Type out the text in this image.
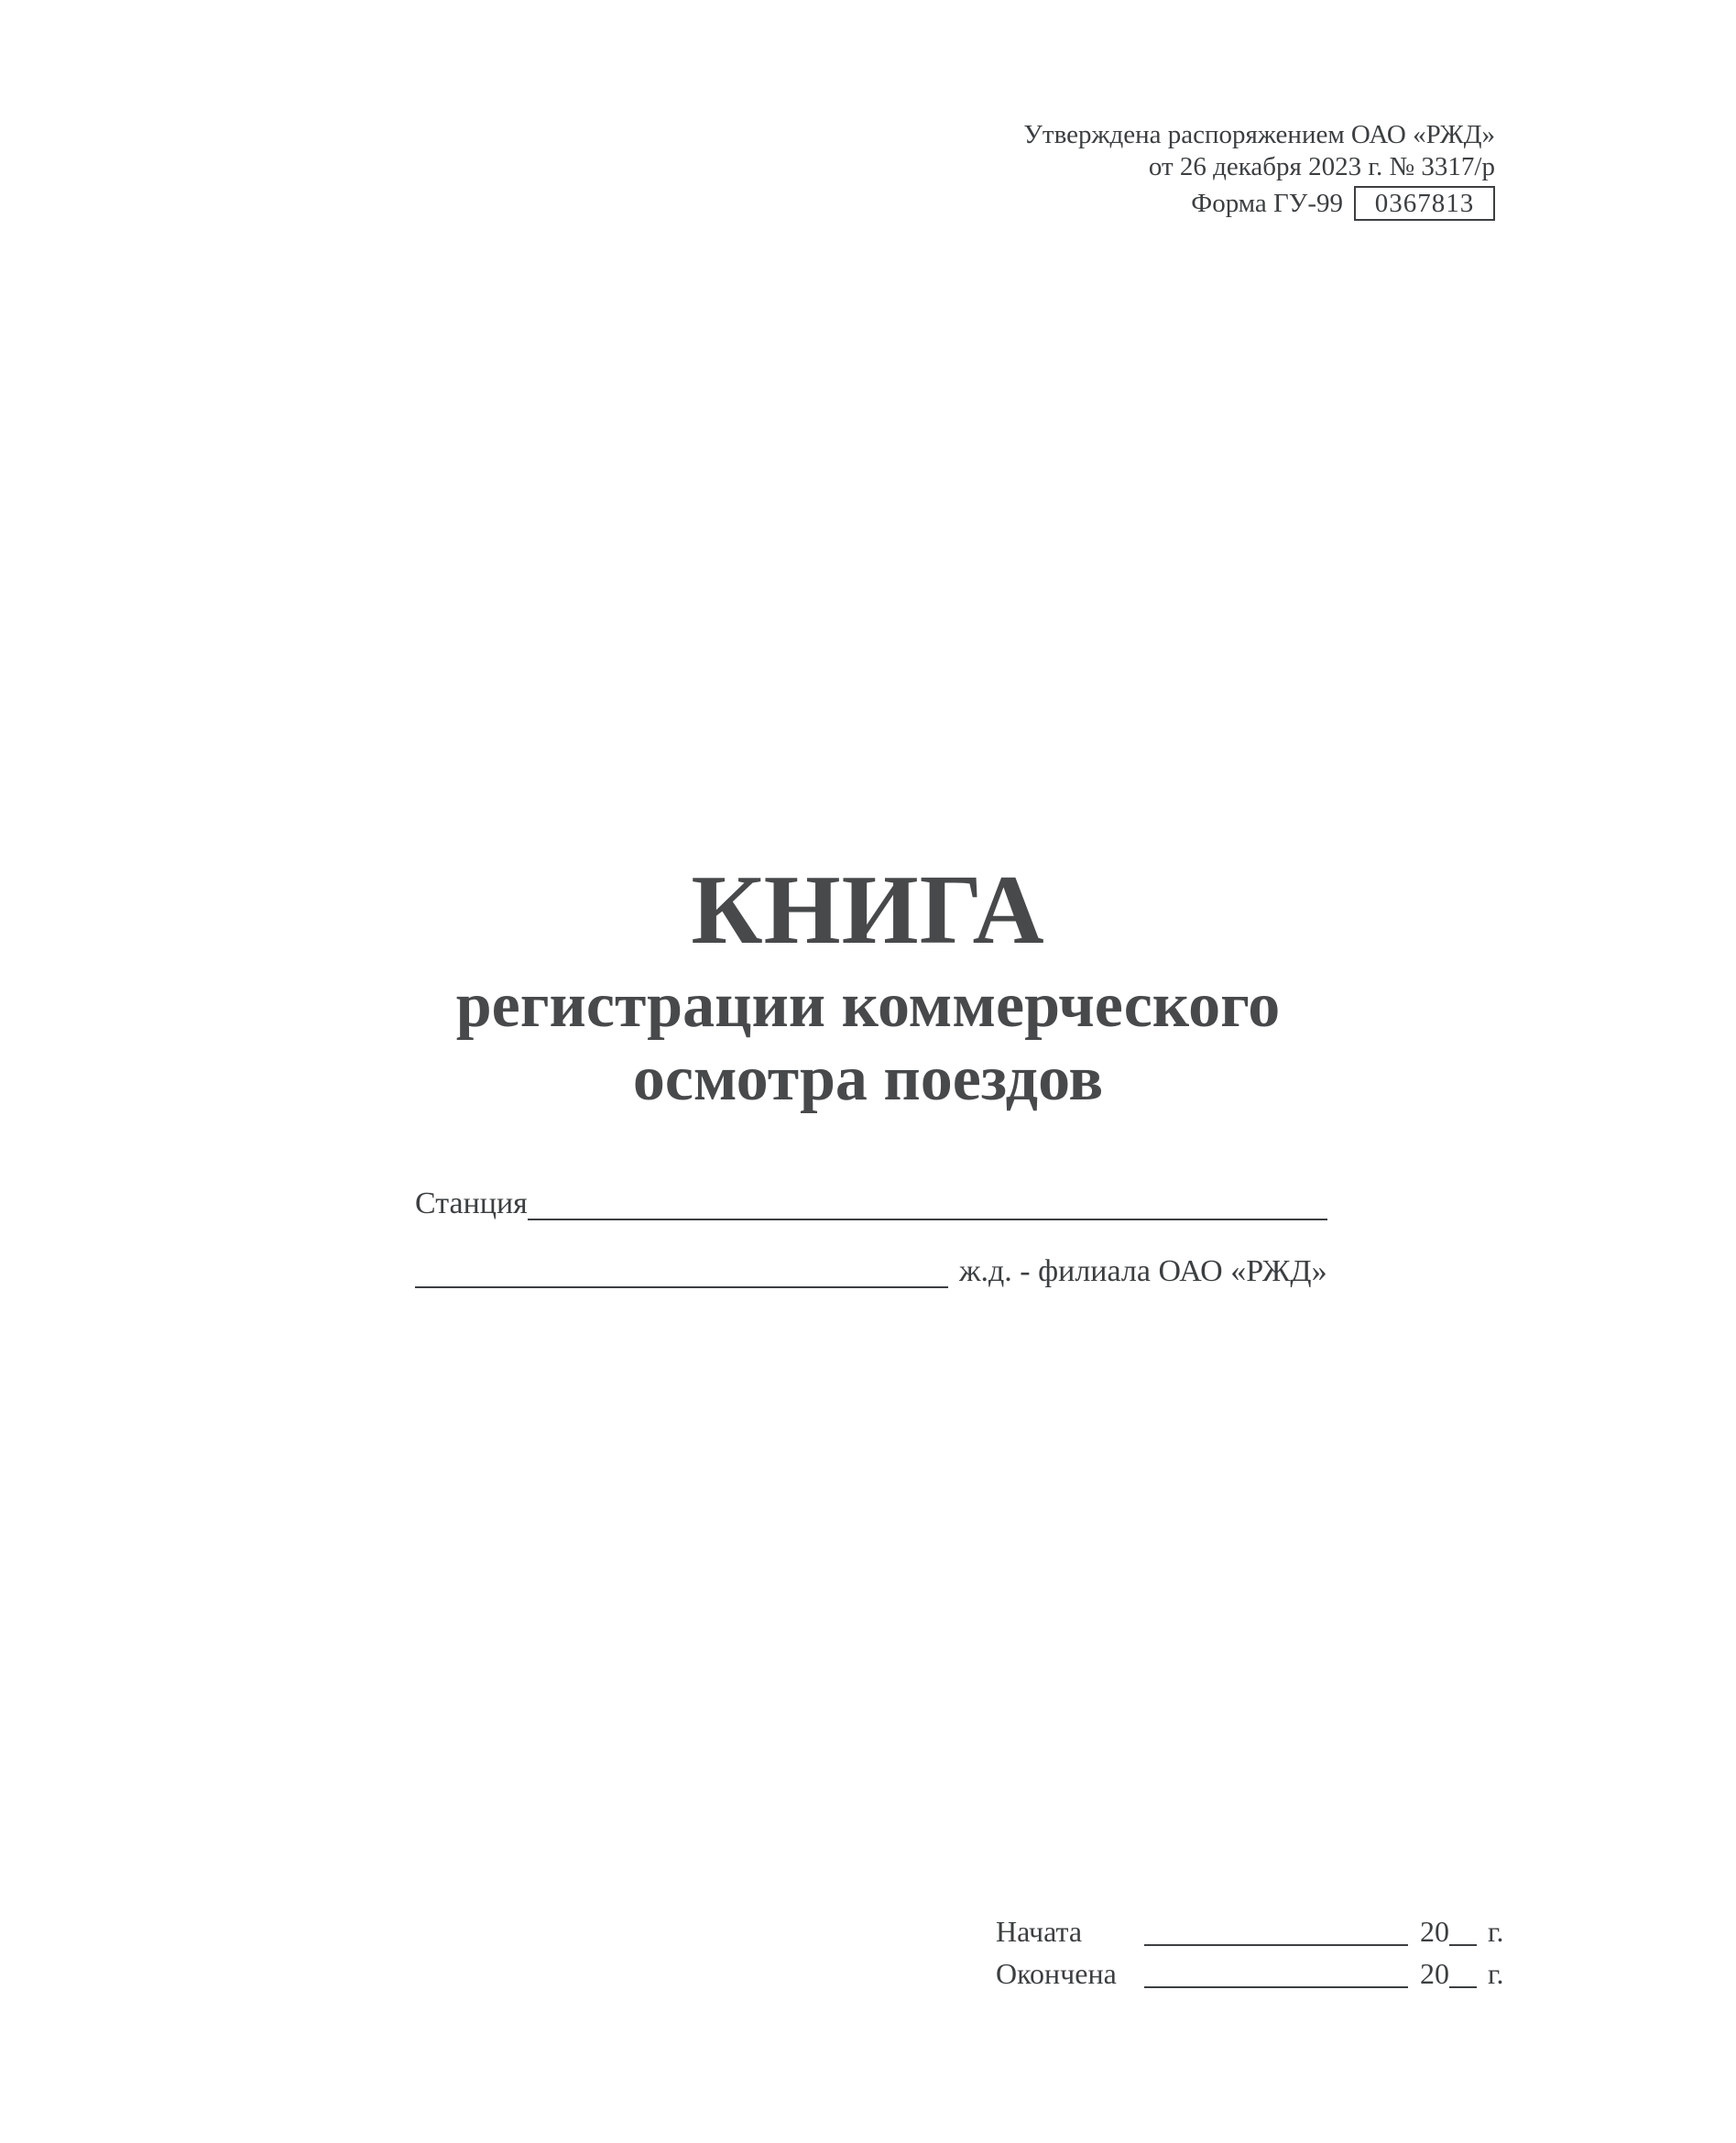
Утверждена распоряжением ОАО «РЖД»
от 26 декабря 2023 г. № 3317/р
Форма ГУ-99 0367813
КНИГА
регистрации коммерческого
осмотра поездов
Станция
ж.д. - филиала ОАО «РЖД»
Начата	20 г.
Окончена	20 г.
